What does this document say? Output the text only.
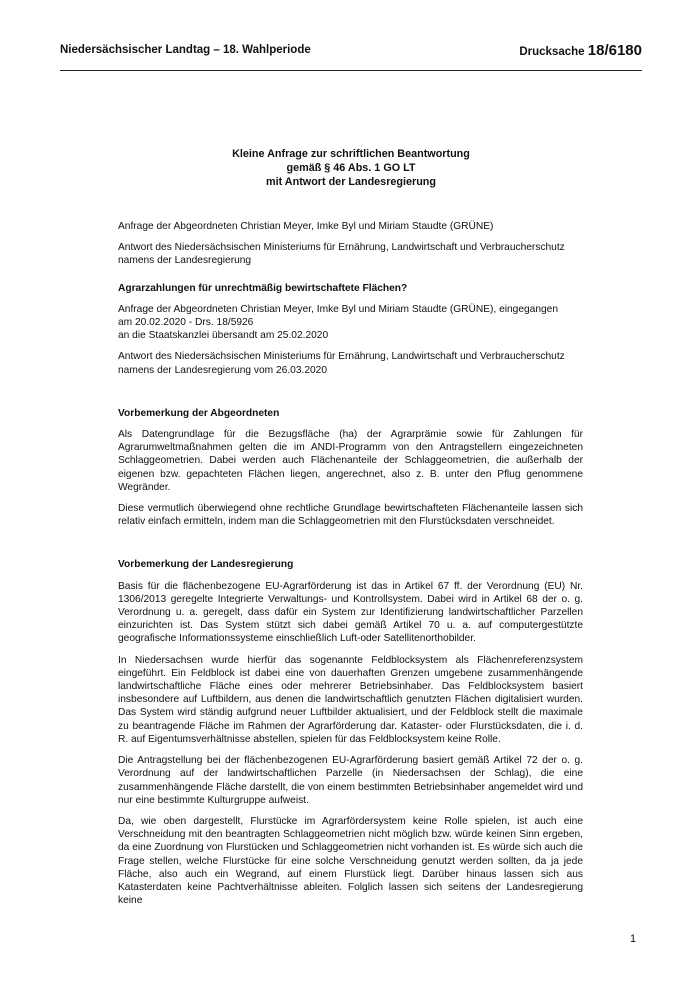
Niedersächsischer Landtag – 18. Wahlperiode	Drucksache 18/6180
Kleine Anfrage zur schriftlichen Beantwortung
gemäß § 46 Abs. 1 GO LT
mit Antwort der Landesregierung

Anfrage der Abgeordneten Christian Meyer, Imke Byl und Miriam Staudte (GRÜNE)

Antwort des Niedersächsischen Ministeriums für Ernährung, Landwirtschaft und Verbraucherschutz namens der Landesregierung

Agrarzahlungen für unrechtmäßig bewirtschaftete Flächen?

Anfrage der Abgeordneten Christian Meyer, Imke Byl und Miriam Staudte (GRÜNE), eingegangen
am 20.02.2020 - Drs. 18/5926
an die Staatskanzlei übersandt am 25.02.2020

Antwort des Niedersächsischen Ministeriums für Ernährung, Landwirtschaft und Verbraucherschutz namens der Landesregierung vom 26.03.2020

Vorbemerkung der Abgeordneten

Als Datengrundlage für die Bezugsfläche (ha) der Agrarprämie sowie für Zahlungen für Agrarumweltmaßnahmen gelten die im ANDI-Programm von den Antragstellern eingezeichneten Schlaggeometrien. Dabei werden auch Flächenanteile der Schlaggeometrien, die außerhalb der eigenen bzw. gepachteten Flächen liegen, angerechnet, also z. B. unter den Pflug genommene Wegränder.

Diese vermutlich überwiegend ohne rechtliche Grundlage bewirtschafteten Flächenanteile lassen sich relativ einfach ermitteln, indem man die Schlaggeometrien mit den Flurstücksdaten verschneidet.

Vorbemerkung der Landesregierung

Basis für die flächenbezogene EU-Agrarförderung ist das in Artikel 67 ff. der Verordnung (EU) Nr. 1306/2013 geregelte Integrierte Verwaltungs- und Kontrollsystem. Dabei wird in Artikel 68 der o. g. Verordnung u. a. geregelt, dass dafür ein System zur Identifizierung landwirtschaftlicher Parzellen einzurichten ist. Das System stützt sich dabei gemäß Artikel 70 u. a. auf computergestützte geografische Informationssysteme einschließlich Luft-oder Satellitenorthobilder.

In Niedersachsen wurde hierfür das sogenannte Feldblocksystem als Flächenreferenzsystem eingeführt. Ein Feldblock ist dabei eine von dauerhaften Grenzen umgebene zusammenhängende landwirtschaftliche Fläche eines oder mehrerer Betriebsinhaber. Das Feldblocksystem basiert insbesondere auf Luftbildern, aus denen die landwirtschaftlich genutzten Flächen digitalisiert wurden. Das System wird ständig aufgrund neuer Luftbilder aktualisiert, und der Feldblock stellt die maximale zu beantragende Fläche im Rahmen der Agrarförderung dar. Kataster- oder Flurstücksdaten, die i. d. R. auf Eigentumsverhältnisse abstellen, spielen für das Feldblocksystem keine Rolle.

Die Antragstellung bei der flächenbezogenen EU-Agrarförderung basiert gemäß Artikel 72 der o. g. Verordnung auf der landwirtschaftlichen Parzelle (in Niedersachsen der Schlag), die eine zusammenhängende Fläche darstellt, die von einem bestimmten Betriebsinhaber angemeldet wird und nur eine bestimmte Kulturgruppe aufweist.

Da, wie oben dargestellt, Flurstücke im Agrarfördersystem keine Rolle spielen, ist auch eine Verschneidung mit den beantragten Schlaggeometrien nicht möglich bzw. würde keinen Sinn ergeben, da eine Zuordnung von Flurstücken und Schlaggeometrien nicht vorhanden ist. Es würde sich auch die Frage stellen, welche Flurstücke für eine solche Verschneidung genutzt werden sollten, da ja jede Fläche, also auch ein Wegrand, auf einem Flurstück liegt. Darüber hinaus lassen sich aus Katasterdaten keine Pachtverhältnisse ableiten. Folglich lassen sich seitens der Landesregierung keine

1
